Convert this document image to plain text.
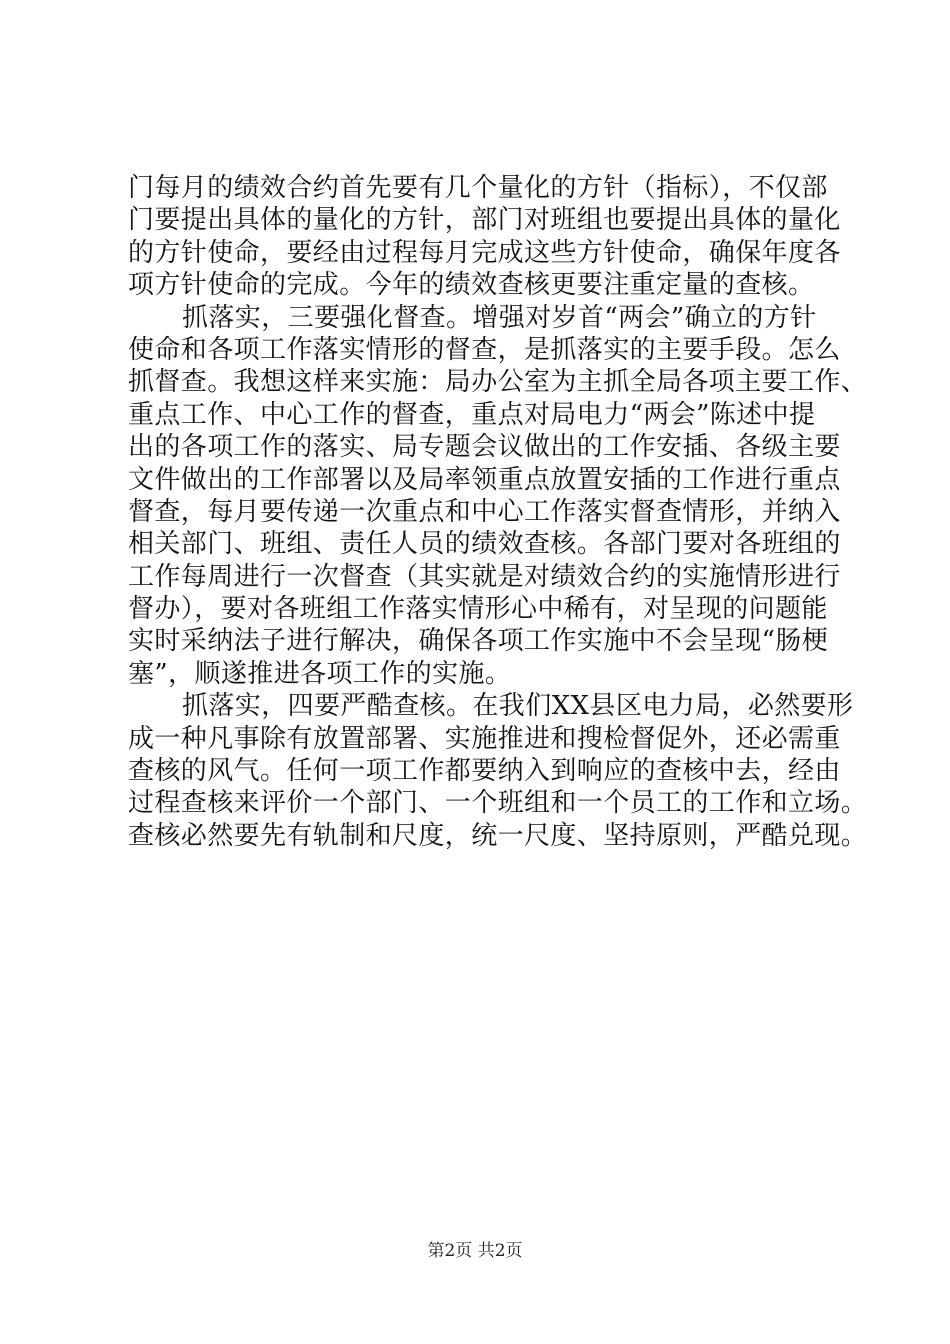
门每月的绩效合约首先要有几个量化的方针（指标），不仅部
门要提出具体的量化的方针，部门对班组也要提出具体的量化
的方针使命，要经由过程每月完成这些方针使命，确保年度各
项方针使命的完成。今年的绩效查核更要注重定量的查核。
抓落实，三要强化督查。增强对岁首“两会”确立的方针
使命和各项工作落实情形的督查，是抓落实的主要手段。怎么
抓督查。我想这样来实施：局办公室为主抓全局各项主要工作、
重点工作、中心工作的督查，重点对局电力“两会”陈述中提
出的各项工作的落实、局专题会议做出的工作安插、各级主要
文件做出的工作部署以及局率领重点放置安插的工作进行重点
督查，每月要传递一次重点和中心工作落实督查情形，并纳入
相关部门、班组、责任人员的绩效查核。各部门要对各班组的
工作每周进行一次督查（其实就是对绩效合约的实施情形进行
督办），要对各班组工作落实情形心中稀有，对呈现的问题能
实时采纳法子进行解决，确保各项工作实施中不会呈现“肠梗
塞”，顺遂推进各项工作的实施。
抓落实，四要严酷查核。在我们XX县区电力局，必然要形
成一种凡事除有放置部署、实施推进和搜检督促外，还必需重
查核的风气。任何一项工作都要纳入到响应的查核中去，经由
过程查核来评价一个部门、一个班组和一个员工的工作和立场。
查核必然要先有轨制和尺度，统一尺度、坚持原则，严酷兑现。
第2页 共2页
